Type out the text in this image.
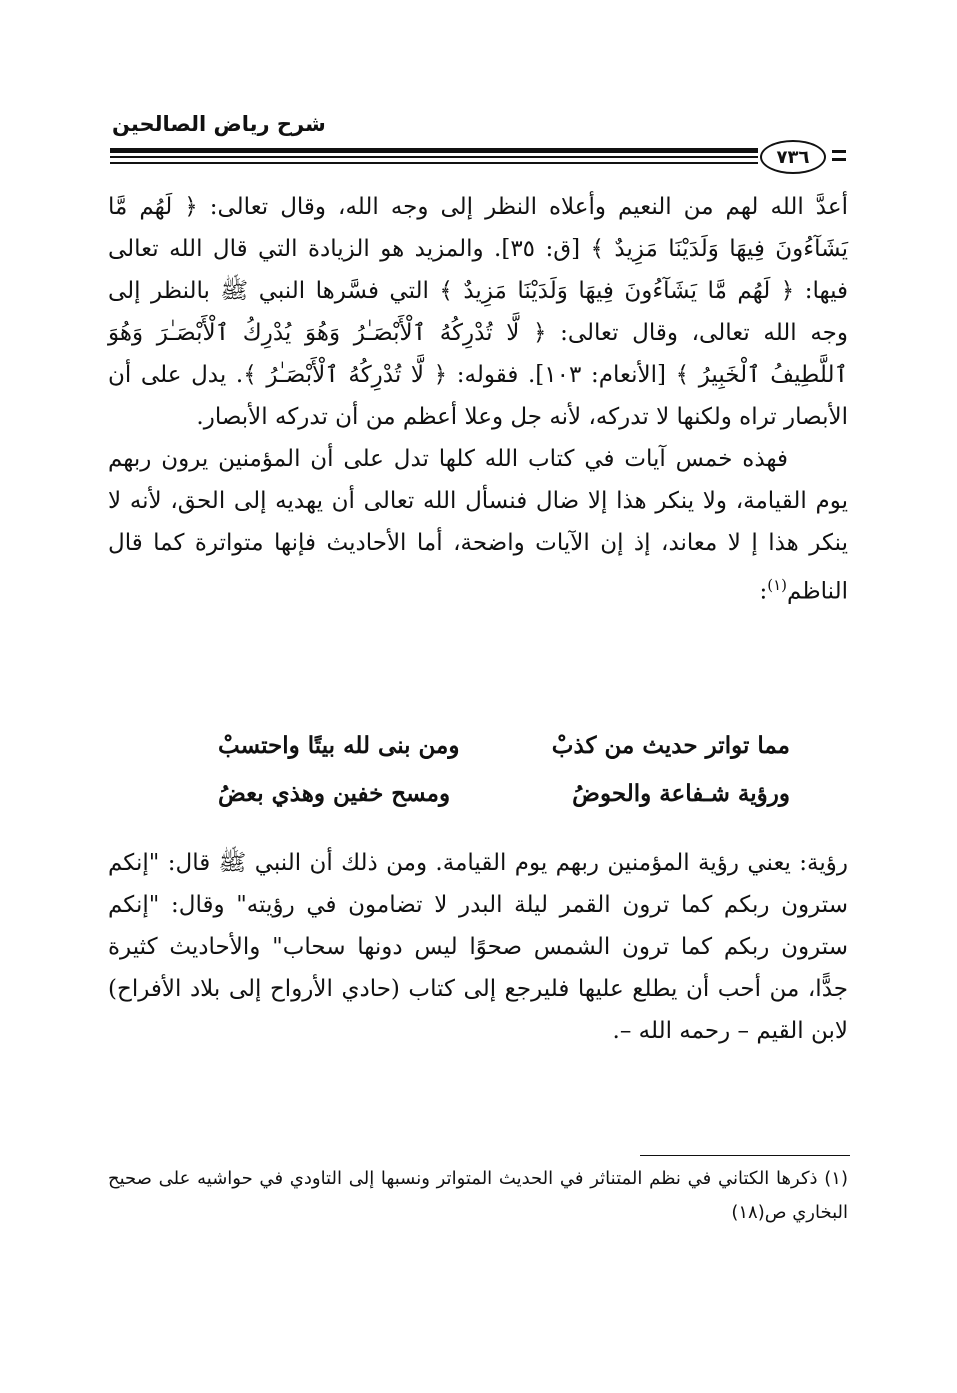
شرح رياض الصالحين
٧٣٦

أعدَّ الله لهم من النعيم وأعلاه النظر إلى وجه الله، وقال تعالى: ﴿ لَهُم مَّا يَشَآءُونَ فِيهَا وَلَدَيْنَا مَزِيدٌ ﴾ [ق: ٣٥]. والمزيد هو الزيادة التي قال الله تعالى فيها: ﴿ لَهُم مَّا يَشَآءُونَ فِيهَا وَلَدَيْنَا مَزِيدٌ ﴾ التي فسَّرها النبي ﷺ بالنظر إلى وجه الله تعالى، وقال تعالى: ﴿ لَّا تُدْرِكُهُ ٱلْأَبْصَـٰرُ وَهُوَ يُدْرِكُ ٱلْأَبْصَـٰرَ وَهُوَ ٱللَّطِيفُ ٱلْخَبِيرُ ﴾ [الأنعام: ١٠٣]. فقوله: ﴿ لَّا تُدْرِكُهُ ٱلْأَبْصَـٰرُ ﴾. يدل على أن الأبصار تراه ولكنها لا تدركه، لأنه جل وعلا أعظم من أن تدركه الأبصار.

فهذه خمس آيات في كتاب الله كلها تدل على أن المؤمنين يرون ربهم يوم القيامة، ولا ينكر هذا إلا ضال فنسأل الله تعالى أن يهديه إلى الحق، لأنه لا ينكر هذا إ لا معاند، إذ إن الآيات واضحة، أما الأحاديث فإنها متواترة كما قال الناظم$^{(١)}$:

مما تواتر حديث من كذبْ
ومن بنى لله بيتًا واحتسبْ
ورؤية شـفاعة والحوضُ
ومسح خفين وهذي بعضُ

رؤية: يعني رؤية المؤمنين ربهم يوم القيامة. ومن ذلك أن النبي ﷺ قال: "إنكم سترون ربكم كما ترون القمر ليلة البدر لا تضامون في رؤيته" وقال: "إنكم سترون ربكم كما ترون الشمس صحوًا ليس دونها سحاب" والأحاديث كثيرة جدًّا، من أحب أن يطلع عليها فليرجع إلى كتاب (حادي الأرواح إلى بلاد الأفراح) لابن القيم – رحمه الله –.

(١) ذكرها الكتاني في نظم المتناثر في الحديث المتواتر ونسبها إلى التاودي في حواشيه على صحيح البخاري ص(١٨)
